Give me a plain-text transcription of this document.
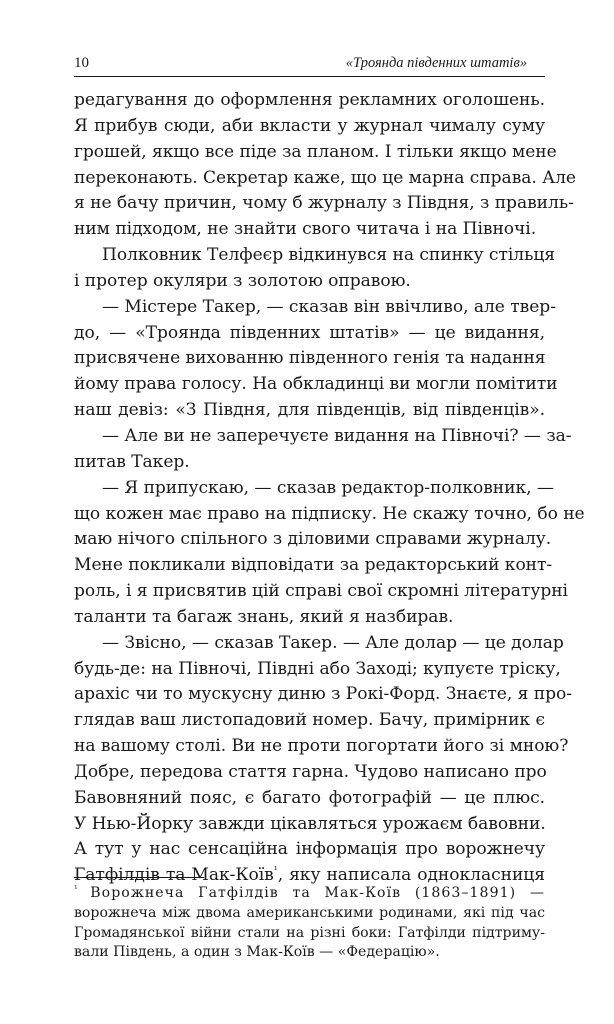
10	«Троянда південних штатів»
редагування до оформлення рекламних оголошень.
Я прибув сюди, аби вкласти у журнал чималу суму
грошей, якщо все піде за планом. І тільки якщо мене
переконають. Секретар каже, що це марна справа. Але
я не бачу причин, чому б журналу з Півдня, з правиль-
ним підходом, не знайти свого читача і на Півночі.
Полковник Телфеєр відкинувся на спинку стільця
і протер окуляри з золотою оправою.
— Містере Такер, — сказав він ввічливо, але твер-
до, — «Троянда південних штатів» — це видання,
присвячене вихованню південного генія та надання
йому права голосу. На обкладинці ви могли помітити
наш девіз: «З Півдня, для південців, від південців».
— Але ви не заперечуєте видання на Півночі? — за-
питав Такер.
— Я припускаю, — сказав редактор-полковник, —
що кожен має право на підписку. Не скажу точно, бо не
маю нічого спільного з діловими справами журналу.
Мене покликали відповідати за редакторський конт-
роль, і я присвятив цій справі свої скромні літературні
таланти та багаж знань, який я назбирав.
— Звісно, — сказав Такер. — Але долар — це долар
будь-де: на Півночі, Півдні або Заході; купуєте тріску,
арахіс чи то мускусну диню з Рокі-Форд. Знаєте, я про-
глядав ваш листопадовий номер. Бачу, примірник є
на вашому столі. Ви не проти погортати його зі мною?
Добре, передова стаття гарна. Чудово написано про
Бавовняний пояс, є багато фотографій — це плюс.
У Нью-Йорку завжди цікавляться урожаєм бавовни.
А тут у нас сенсаційна інформація про ворожнечу
Гатфілдів та Мак-Коїв$^{^1}$, яку написала однокласниця
$^{^1}$ Ворожнеча Гатфілдів та Мак-Коїв (1863–1891) —
ворожнеча між двома американськими родинами, які під час
Громадянської війни стали на різні боки: Гатфілди підтриму-
вали Південь, а один з Мак-Коїв — «Федерацію».
